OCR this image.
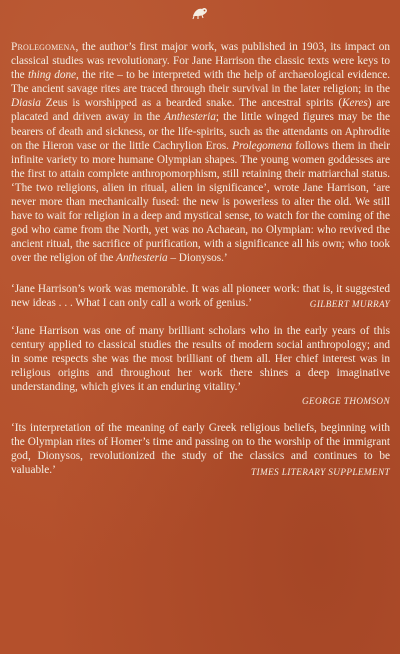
Prolegomena, the author’s first major work, was published in 1903, its impact on classical studies was revolutionary. For Jane Harrison the classic texts were keys to the thing done, the rite – to be interpreted with the help of archaeological evidence. The ancient savage rites are traced through their survival in the later religion; in the Diasia Zeus is worshipped as a bearded snake. The ancestral spirits (Keres) are placated and driven away in the Anthesteria; the little winged figures may be the bearers of death and sickness, or the life-spirits, such as the attendants on Aphrodite on the Hieron vase or the little Cachrylion Eros. Prolegomena follows them in their infinite variety to more humane Olympian shapes. The young women goddesses are the first to attain complete anthropomorphism, still retaining their matriarchal status. ‘The two religions, alien in ritual, alien in significance’, wrote Jane Harrison, ‘are never more than mechanically fused: the new is powerless to alter the old. We still have to wait for religion in a deep and mystical sense, to watch for the coming of the god who came from the North, yet was no Achaean, no Olympian: who revived the ancient ritual, the sacrifice of purification, with a significance all his own; who took over the religion of the Anthesteria – Dionysos.’

‘Jane Harrison’s work was memorable. It was all pioneer work: that is, it suggested new ideas . . . What I can only call a work of genius.’	GILBERT MURRAY

‘Jane Harrison was one of many brilliant scholars who in the early years of this century applied to classical studies the results of modern social anthropology; and in some respects she was the most brilliant of them all. Her chief interest was in religious origins and throughout her work there shines a deep imaginative understanding, which gives it an enduring vitality.’

GEORGE THOMSON

‘Its interpretation of the meaning of early Greek religious beliefs, beginning with the Olympian rites of Homer’s time and passing on to the worship of the immigrant god, Dionysos, revolutionized the study of the classics and continues to be valuable.’	TIMES LITERARY SUPPLEMENT
